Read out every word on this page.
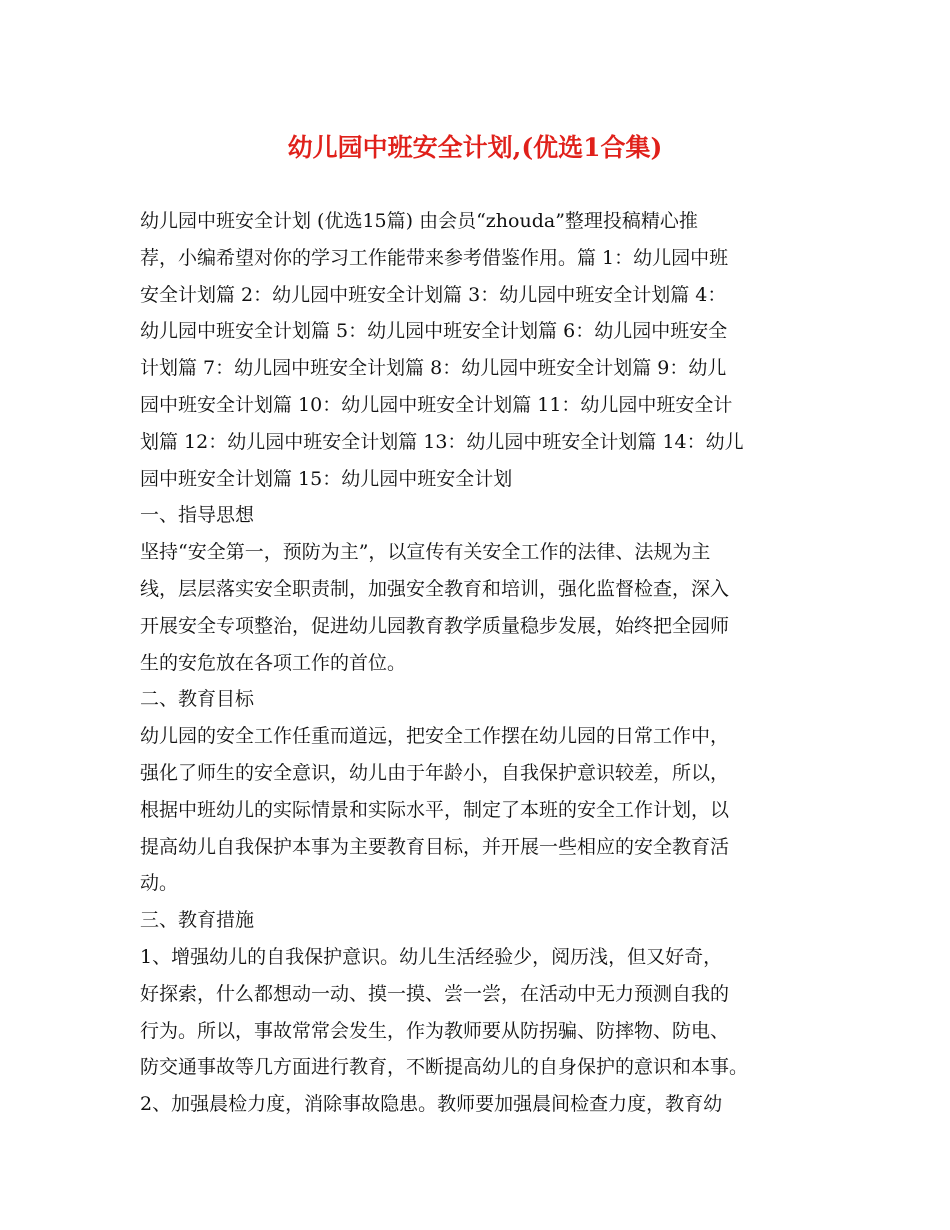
幼儿园中班安全计划,(优选1合集)
幼儿园中班安全计划 (优选15篇) 由会员“zhouda”整理投稿精心推
荐，小编希望对你的学习工作能带来参考借鉴作用。篇 1：幼儿园中班
安全计划篇 2：幼儿园中班安全计划篇 3：幼儿园中班安全计划篇 4：
幼儿园中班安全计划篇 5：幼儿园中班安全计划篇 6：幼儿园中班安全
计划篇 7：幼儿园中班安全计划篇 8：幼儿园中班安全计划篇 9：幼儿
园中班安全计划篇 10：幼儿园中班安全计划篇 11：幼儿园中班安全计
划篇 12：幼儿园中班安全计划篇 13：幼儿园中班安全计划篇 14：幼儿
园中班安全计划篇 15：幼儿园中班安全计划
一、指导思想
坚持“安全第一，预防为主”，以宣传有关安全工作的法律、法规为主
线，层层落实安全职责制，加强安全教育和培训，强化监督检查，深入
开展安全专项整治，促进幼儿园教育教学质量稳步发展，始终把全园师
生的安危放在各项工作的首位。
二、教育目标
幼儿园的安全工作任重而道远，把安全工作摆在幼儿园的日常工作中，
强化了师生的安全意识，幼儿由于年龄小，自我保护意识较差，所以，
根据中班幼儿的实际情景和实际水平，制定了本班的安全工作计划，以
提高幼儿自我保护本事为主要教育目标，并开展一些相应的安全教育活
动。
三、教育措施
1、增强幼儿的自我保护意识。幼儿生活经验少，阅历浅，但又好奇，
好探索，什么都想动一动、摸一摸、尝一尝，在活动中无力预测自我的
行为。所以，事故常常会发生，作为教师要从防拐骗、防摔物、防电、
防交通事故等几方面进行教育，不断提高幼儿的自身保护的意识和本事。
2、加强晨检力度，消除事故隐患。教师要加强晨间检查力度，教育幼
